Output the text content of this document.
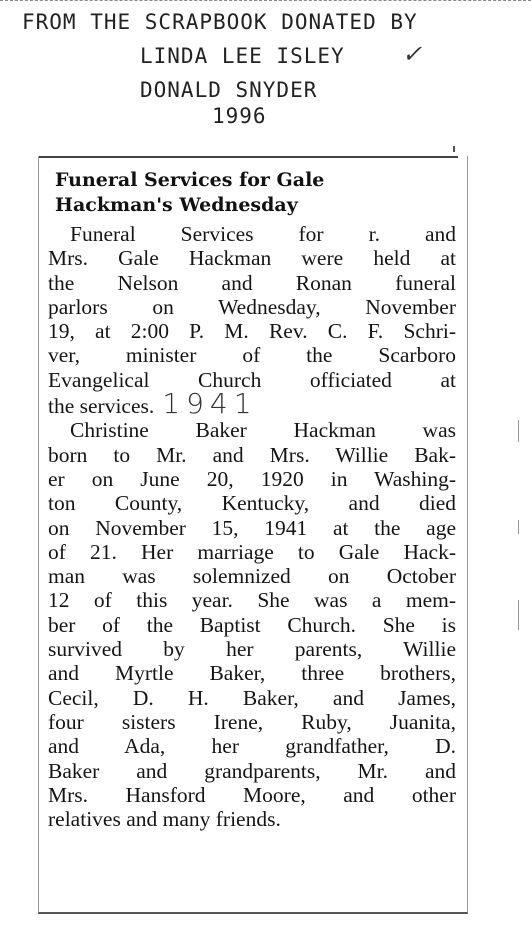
FROM THE SCRAPBOOK DONATED BY
LINDA LEE ISLEY ✓
DONALD SNYDER
1996
Funeral Services for Gale
Hackman's Wednesday
Funeral Services for r. and
Mrs. Gale Hackman were held at
the Nelson and Ronan funeral
parlors on Wednesday, November
19, at 2:00 P. M. Rev. C. F. Schri-
ver, minister of the Scarboro
Evangelical Church officiated at
the services. 1941
Christine Baker Hackman was
born to Mr. and Mrs. Willie Bak-
er on June 20, 1920 in Washing-
ton County, Kentucky, and died
on November 15, 1941 at the age
of 21. Her marriage to Gale Hack-
man was solemnized on October
12 of this year. She was a mem-
ber of the Baptist Church. She is
survived by her parents, Willie
and Myrtle Baker, three brothers,
Cecil, D. H. Baker, and James,
four sisters Irene, Ruby, Juanita,
and Ada, her grandfather, D.
Baker and grandparents, Mr. and
Mrs. Hansford Moore, and other
relatives and many friends.
